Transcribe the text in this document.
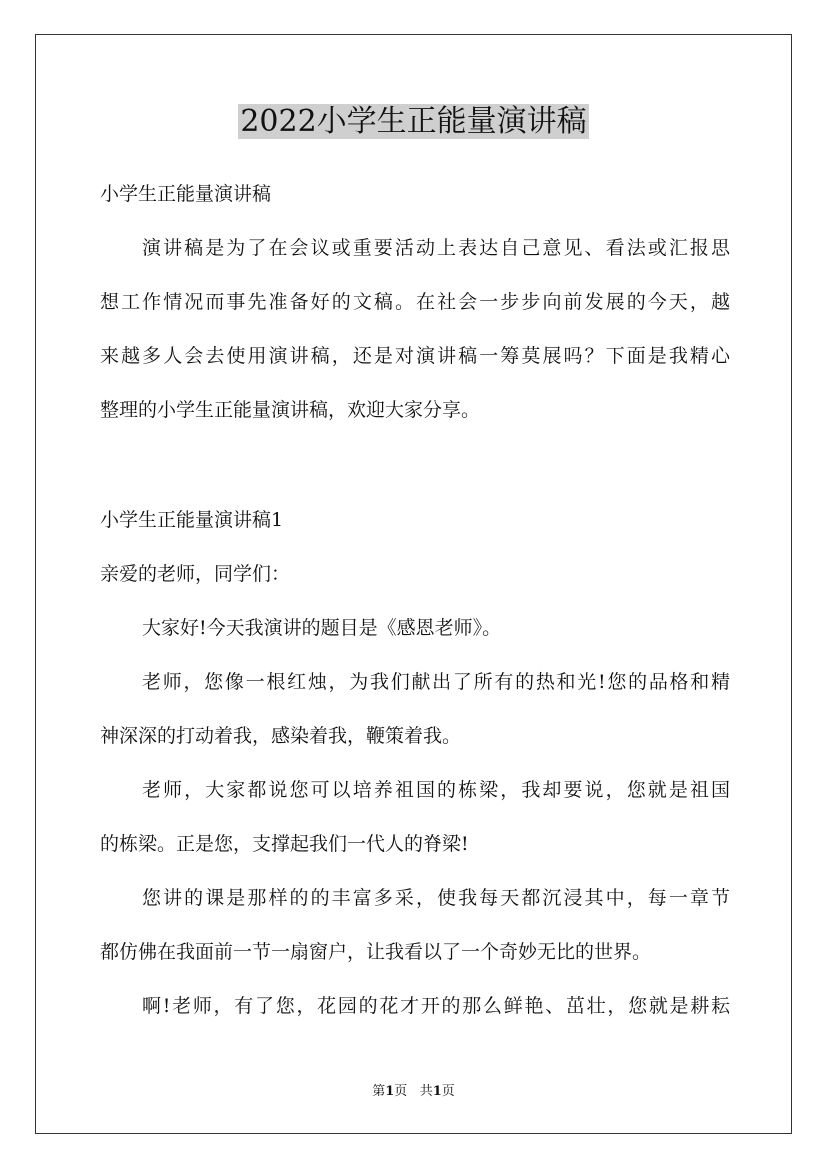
2022小学生正能量演讲稿
小学生正能量演讲稿
演讲稿是为了在会议或重要活动上表达自己意见、看法或汇报思
想工作情况而事先准备好的文稿。在社会一步步向前发展的今天，越
来越多人会去使用演讲稿，还是对演讲稿一筹莫展吗？下面是我精心
整理的小学生正能量演讲稿，欢迎大家分享。
小学生正能量演讲稿1
亲爱的老师，同学们：
大家好!今天我演讲的题目是《感恩老师》。
老师，您像一根红烛，为我们献出了所有的热和光!您的品格和精
神深深的打动着我，感染着我，鞭策着我。
老师，大家都说您可以培养祖国的栋梁，我却要说，您就是祖国
的栋梁。正是您，支撑起我们一代人的脊梁!
您讲的课是那样的的丰富多采，使我每天都沉浸其中，每一章节
都仿佛在我面前一节一扇窗户，让我看以了一个奇妙无比的世界。
啊!老师，有了您，花园的花才开的那么鲜艳、茁壮，您就是耕耘
第1页 共1页
